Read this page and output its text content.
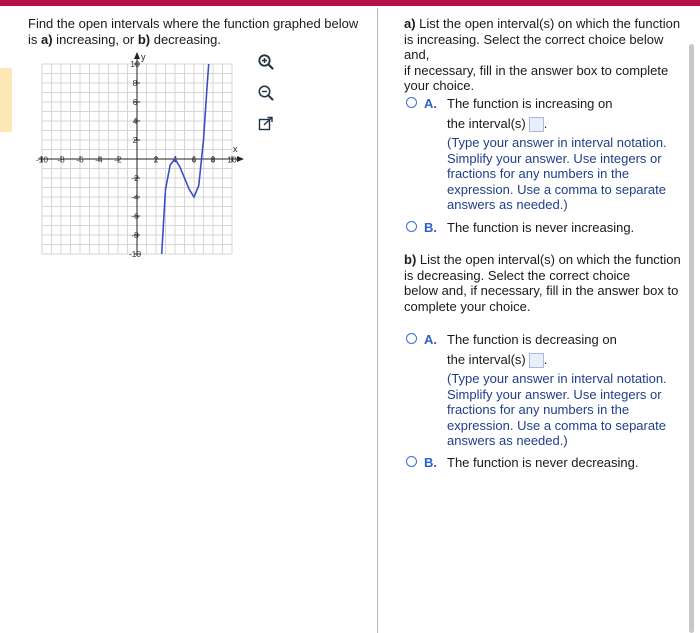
Find the open intervals where the function graphed below
is a) increasing, or b) decreasing.
-10 -8 -6 -4 -2	2 4 6 8 10
10
8
6
4
2
-2
-4
-6
-8
-10
x
y
a) List the open interval(s) on which the function
is increasing. Select the correct choice below and,
if necessary, fill in the answer box to complete
your choice.
A. The function is increasing on
the interval(s) .
(Type your answer in interval notation.
Simplify your answer. Use integers or
fractions for any numbers in the
expression. Use a comma to separate
answers as needed.)
B. The function is never increasing.
b) List the open interval(s) on which the function
is decreasing. Select the correct choice
below and, if necessary, fill in the answer box to
complete your choice.
A. The function is decreasing on
the interval(s) .
(Type your answer in interval notation.
Simplify your answer. Use integers or
fractions for any numbers in the
expression. Use a comma to separate
answers as needed.)
B. The function is never decreasing.
